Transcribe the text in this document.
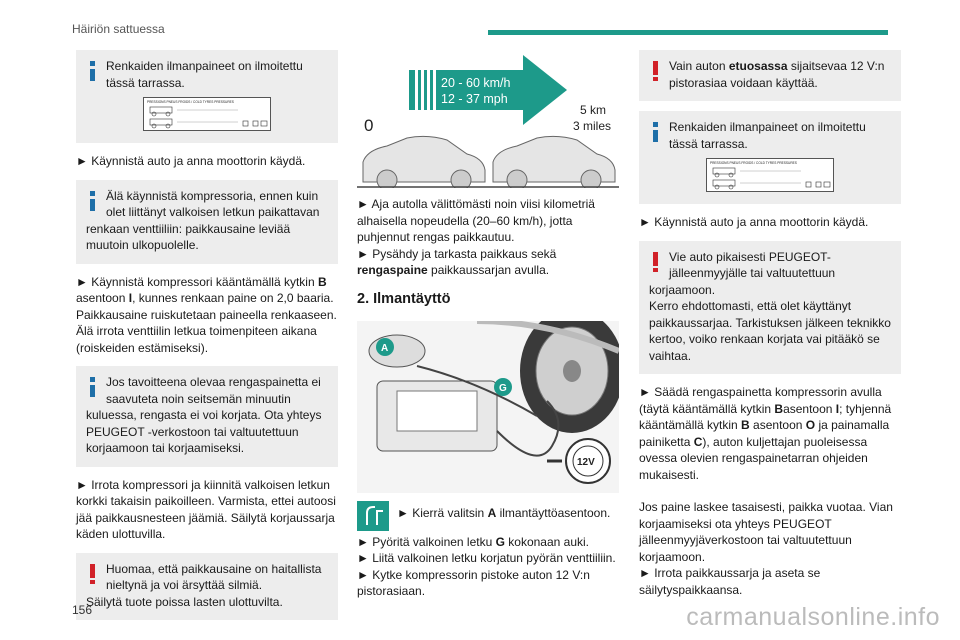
Häiriön sattuessa
Renkaiden ilmanpaineet on ilmoitettu tässä tarrassa.
PRESSIONS PNEUS FROIDS / COLD TYRES PRESSURES

► Käynnistä auto ja anna moottorin käydä.

Älä käynnistä kompressoria, ennen kuin olet liittänyt valkoisen letkun paikattavan
renkaan venttiiliin: paikkausaine leviää muutoin ulkopuolelle.

► Käynnistä kompressori kääntämällä kytkin B asentoon I, kunnes renkaan paine on 2,0 baaria. Paikkausaine ruiskutetaan paineella renkaaseen. Älä irrota venttiilin letkua toimenpiteen aikana (roiskeiden estämiseksi).

Jos tavoitteena olevaa rengaspainetta ei saavuteta noin seitsemän minuutin
kuluessa, rengasta ei voi korjata. Ota yhteys PEUGEOT -verkostoon tai valtuutettuun korjaamoon tai korjaamiseksi.

► Irrota kompressori ja kiinnitä valkoisen letkun korkki takaisin paikoilleen. Varmista, ettei autoosi jää paikkausnesteen jäämiä. Säilytä korjaussarja käden ulottuvilla.

Huomaa, että paikkausaine on haitallista nieltynä ja voi ärsyttää silmiä.
Säilytä tuote poissa lasten ulottuvilta.
20 - 60 km/h
12 - 37 mph
0
5 km
3 miles

► Aja autolla välittömästi noin viisi kilometriä alhaisella nopeudella (20–60 km/h), jotta puhjennut rengas paikkautuu.

► Pysähdy ja tarkasta paikkaus sekä rengaspaine paikkaussarjan avulla.

2. Ilmantäyttö
A
G
12V
► Kierrä valitsin A ilmantäyttöasentoon.
► Pyöritä valkoinen letku G kokonaan auki.
► Liitä valkoinen letku korjatun pyörän venttiiliin.
► Kytke kompressorin pistoke auton 12 V:n pistorasiaan.
Vain auton etuosassa sijaitsevaa 12 V:n pistorasiaa voidaan käyttää.
Renkaiden ilmanpaineet on ilmoitettu tässä tarrassa.
PRESSIONS PNEUS FROIDS / COLD TYRES PRESSURES

► Käynnistä auto ja anna moottorin käydä.

Vie auto pikaisesti PEUGEOT-jälleenmyyjälle tai valtuutettuun
korjaamoon.
Kerro ehdottomasti, että olet käyttänyt paikkaussarjaa. Tarkistuksen jälkeen teknikko kertoo, voiko renkaan korjata vai pitääkö se vaihtaa.

► Säädä rengaspainetta kompressorin avulla (täytä kääntämällä kytkin Basentoon I; tyhjennä kääntämällä kytkin B asentoon O ja painamalla painiketta C), auton kuljettajan puoleisessa ovessa olevien rengaspainetarran ohjeiden mukaisesti.

Jos paine laskee tasaisesti, paikka vuotaa. Vian korjaamiseksi ota yhteys PEUGEOT jälleenmyyjäverkostoon tai valtuutettuun korjaamoon.

► Irrota paikkaussarja ja aseta se säilytyspaikkaansa.

156	carmanualsonline.info
